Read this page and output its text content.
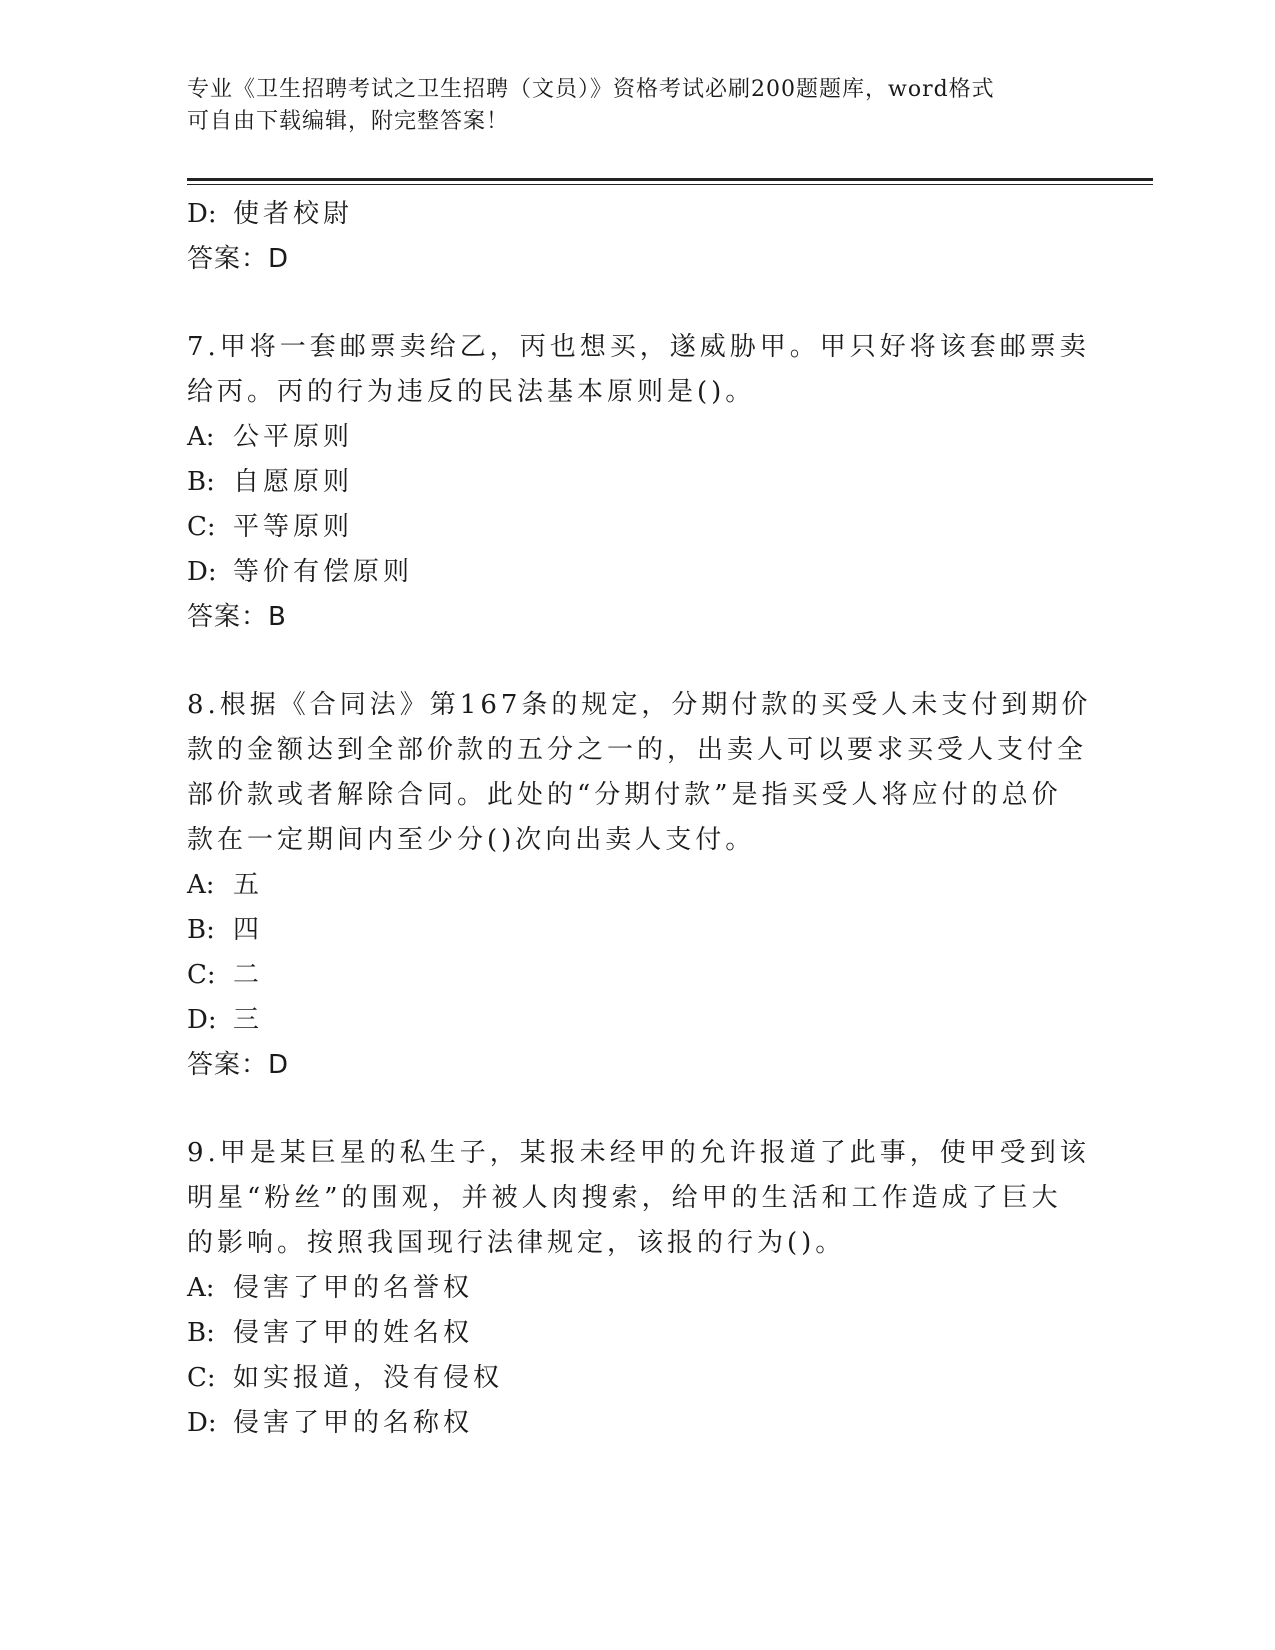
专业《卫生招聘考试之卫生招聘（文员）》资格考试必刷200题题库，word格式
可自由下载编辑，附完整答案！
D: 使者校尉
答案：D
7.甲将一套邮票卖给乙，丙也想买，遂威胁甲。甲只好将该套邮票卖
给丙。丙的行为违反的民法基本原则是()。
A: 公平原则
B: 自愿原则
C: 平等原则
D: 等价有偿原则
答案：B
8.根据《合同法》第167条的规定，分期付款的买受人未支付到期价
款的金额达到全部价款的五分之一的，出卖人可以要求买受人支付全
部价款或者解除合同。此处的“分期付款”是指买受人将应付的总价
款在一定期间内至少分()次向出卖人支付。
A: 五
B: 四
C: 二
D: 三
答案：D
9.甲是某巨星的私生子，某报未经甲的允许报道了此事，使甲受到该
明星“粉丝”的围观，并被人肉搜索，给甲的生活和工作造成了巨大
的影响。按照我国现行法律规定，该报的行为()。
A: 侵害了甲的名誉权
B: 侵害了甲的姓名权
C: 如实报道，没有侵权
D: 侵害了甲的名称权
